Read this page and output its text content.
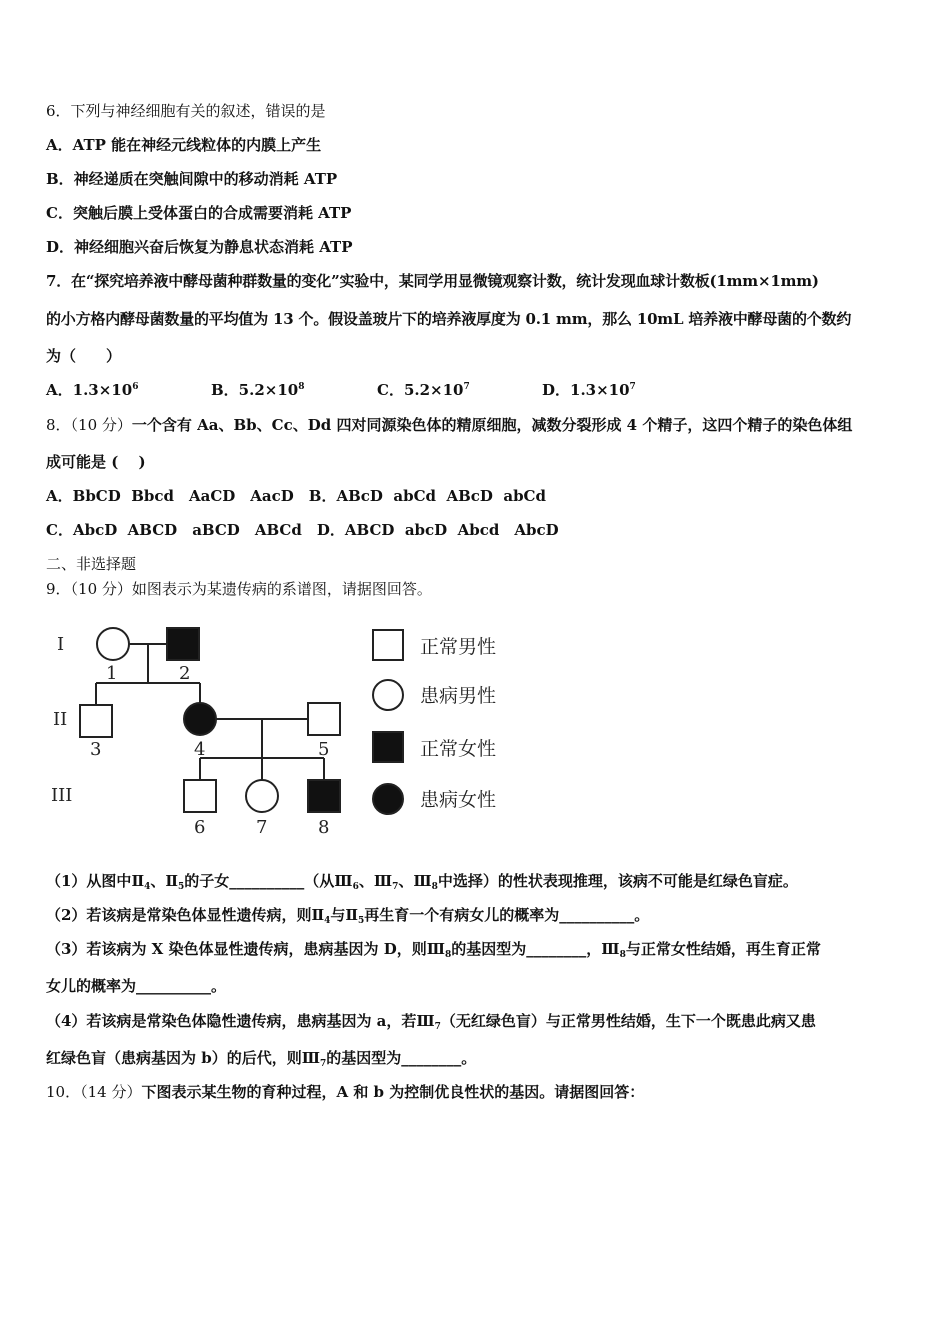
6．下列与神经细胞有关的叙述，错误的是
A．ATP 能在神经元线粒体的内膜上产生
B．神经递质在突触间隙中的移动消耗 ATP
C．突触后膜上受体蛋白的合成需要消耗 ATP
D．神经细胞兴奋后恢复为静息状态消耗 ATP
7．在“探究培养液中酵母菌种群数量的变化”实验中，某同学用显微镜观察计数，统计发现血球计数板(1mm×1mm)
的小方格内酵母菌数量的平均值为 13 个。假设盖玻片下的培养液厚度为 0.1 mm，那么 10mL 培养液中酵母菌的个数约
为（　　）
A．$1.3\times 10^6$	B．$5.2\times 10^8$	C．$5.2\times 10^7$	D．$1.3\times 10^7$
8．（10 分）一个含有 Aa、Bb、Cc、Dd 四对同源染色体的精原细胞，减数分裂形成 4 个精子，这四个精子的染色体组
成可能是 (　 )
A．BbCD  Bbcd　AaCD　AacD　B．ABcD  abCd  ABcD  abCd
C．AbcD  ABCD　aBCD　ABCd　D．ABCD  abcD  Abcd　AbcD
二、非选择题
9．（10 分）如图表示为某遗传病的系谱图，请据图回答。
I
II
III
1	2
3	4	5
6	7	8
正常男性
患病男性
正常女性
患病女性
（1）从图中$Ⅱ_4$、$Ⅱ_5$的子女__________（从$Ⅲ_6$、$Ⅲ_7$、$Ⅲ_8$中选择）的性状表现推理，该病不可能是红绿色盲症。
（2）若该病是常染色体显性遗传病，则$Ⅱ_4$与$Ⅱ_5$再生育一个有病女儿的概率为__________。
（3）若该病为 X 染色体显性遗传病，患病基因为 D，则$Ⅲ_8$的基因型为________，$Ⅲ_8$与正常女性结婚，再生育正常
女儿的概率为__________。
（4）若该病是常染色体隐性遗传病，患病基因为 a，若$Ⅲ_7$（无红绿色盲）与正常男性结婚，生下一个既患此病又患
红绿色盲（患病基因为 b）的后代，则$Ⅲ_7$的基因型为________。
10．（14 分）下图表示某生物的育种过程，A 和 b 为控制优良性状的基因。请据图回答：
